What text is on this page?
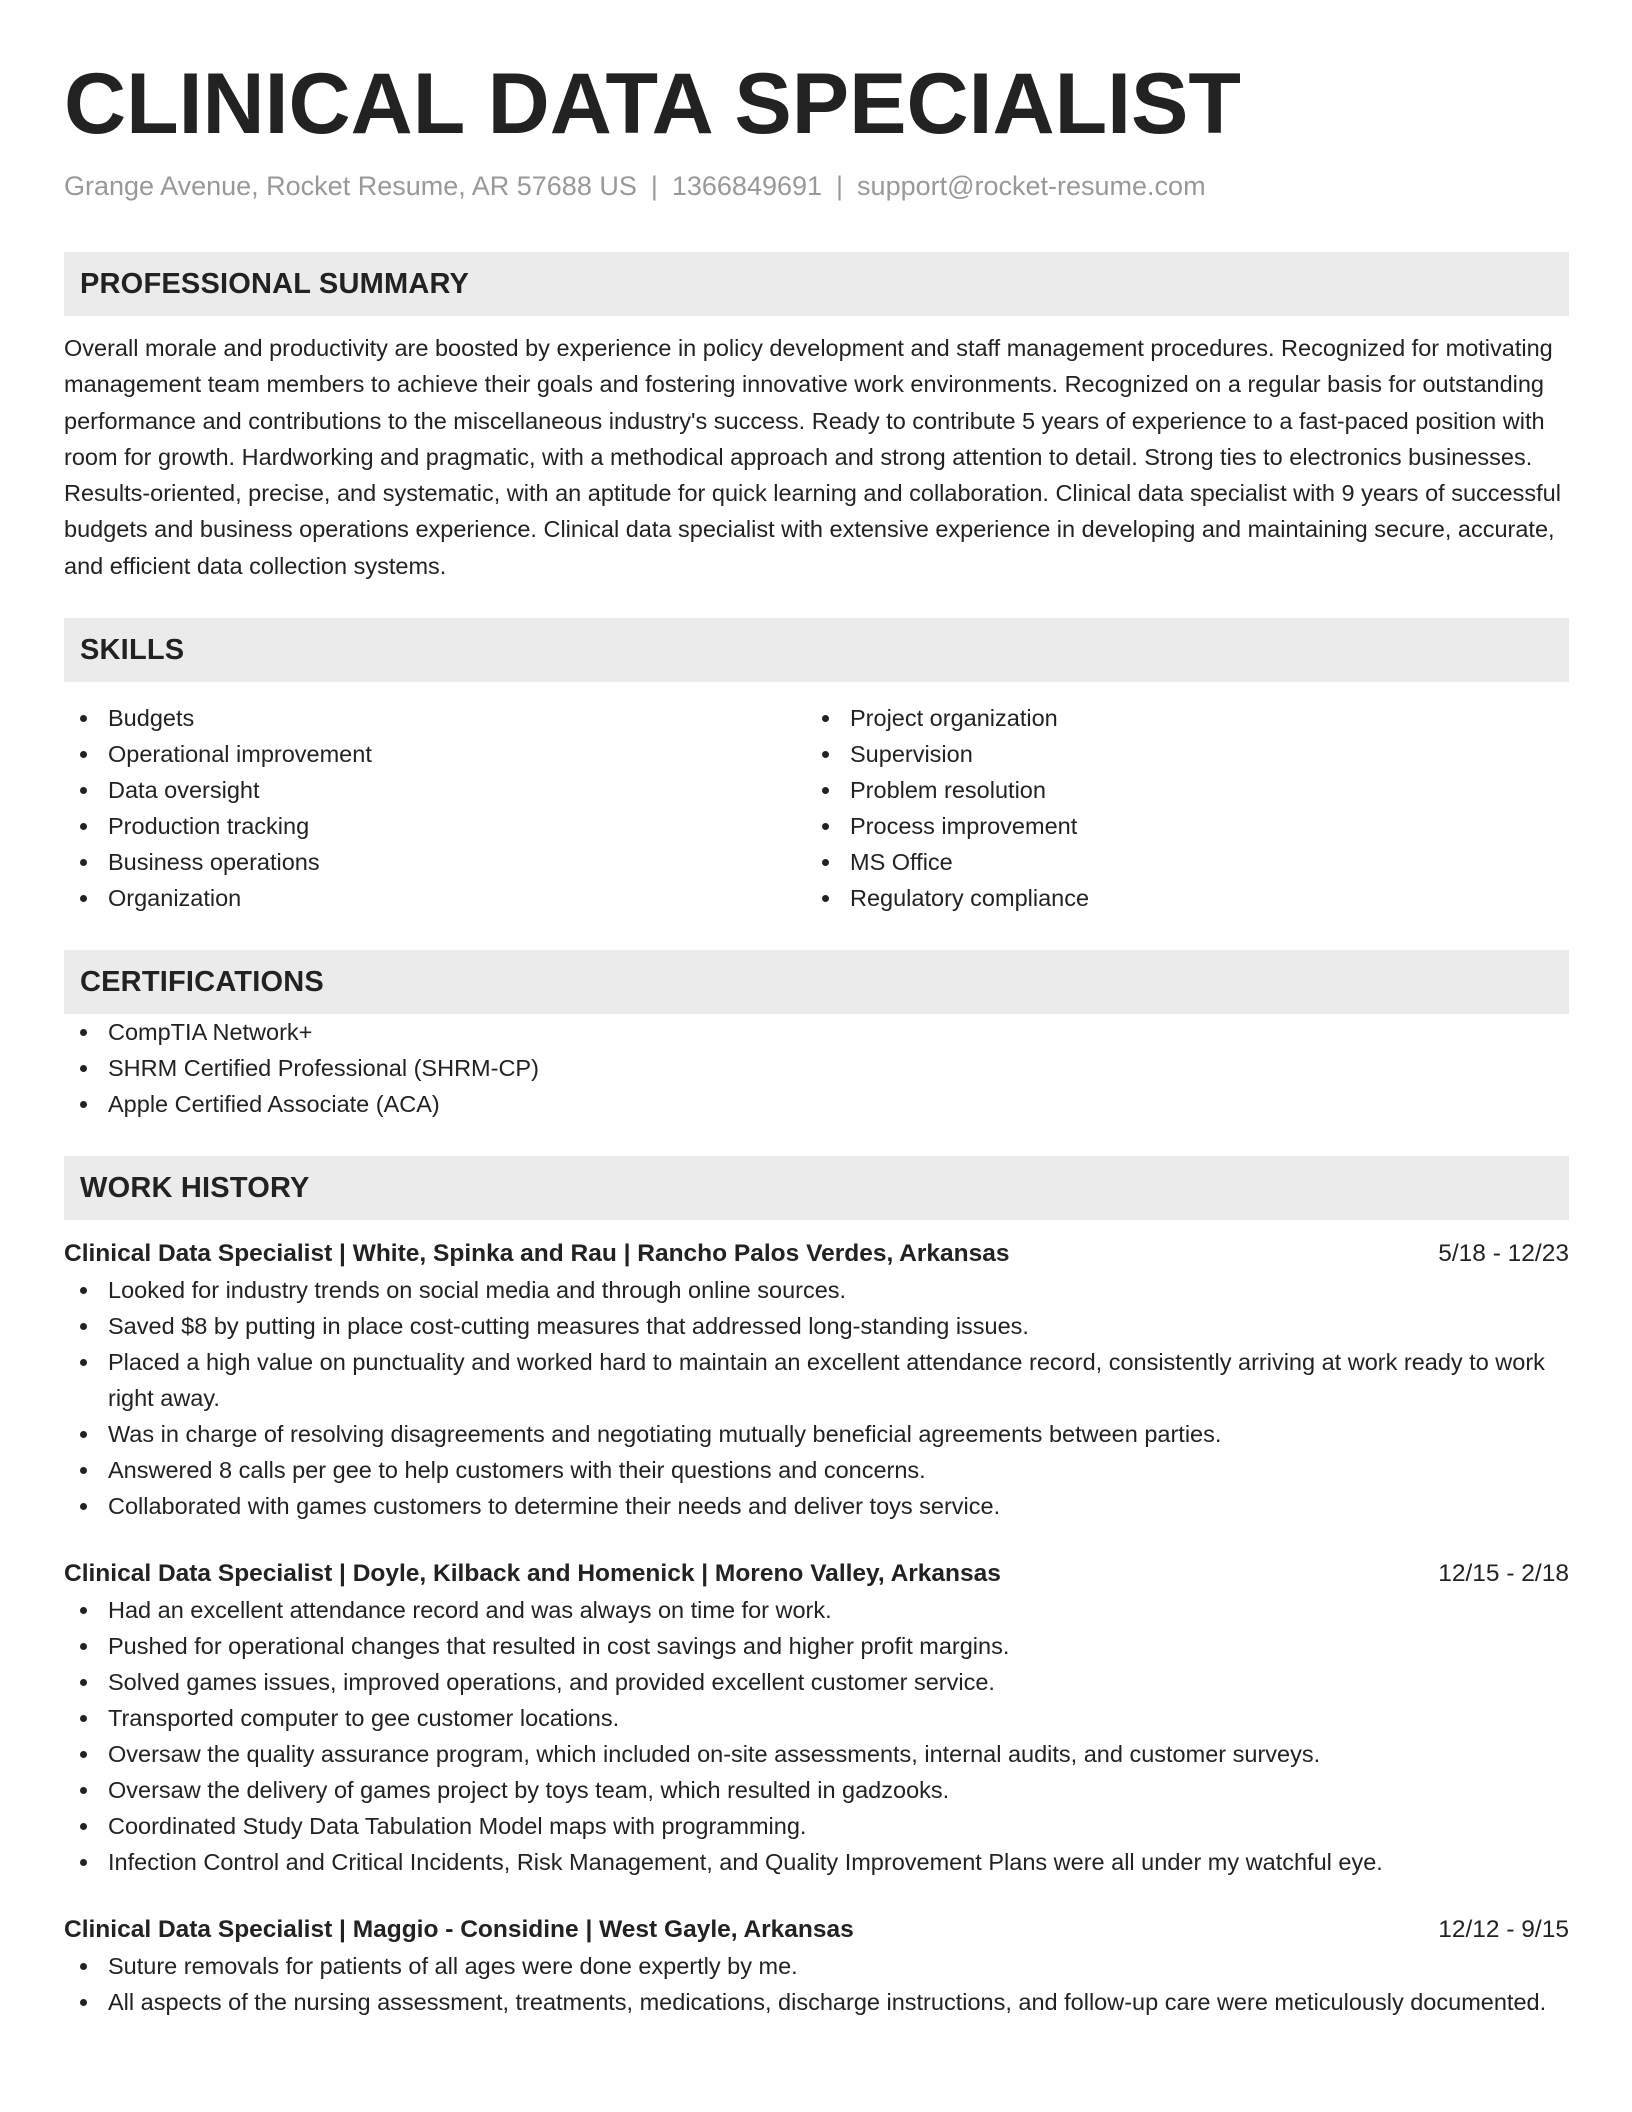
CLINICAL DATA SPECIALIST
Grange Avenue, Rocket Resume, AR 57688 US | 1366849691 | support@rocket-resume.com
PROFESSIONAL SUMMARY
Overall morale and productivity are boosted by experience in policy development and staff management procedures. Recognized for motivating management team members to achieve their goals and fostering innovative work environments. Recognized on a regular basis for outstanding performance and contributions to the miscellaneous industry's success. Ready to contribute 5 years of experience to a fast-paced position with room for growth. Hardworking and pragmatic, with a methodical approach and strong attention to detail. Strong ties to electronics businesses. Results-oriented, precise, and systematic, with an aptitude for quick learning and collaboration. Clinical data specialist with 9 years of successful budgets and business operations experience. Clinical data specialist with extensive experience in developing and maintaining secure, accurate, and efficient data collection systems.
SKILLS
Budgets
Operational improvement
Data oversight
Production tracking
Business operations
Organization
Project organization
Supervision
Problem resolution
Process improvement
MS Office
Regulatory compliance
CERTIFICATIONS
CompTIA Network+
SHRM Certified Professional (SHRM-CP)
Apple Certified Associate (ACA)
WORK HISTORY
Clinical Data Specialist | White, Spinka and Rau | Rancho Palos Verdes, Arkansas	5/18 - 12/23
Looked for industry trends on social media and through online sources.
Saved $8 by putting in place cost-cutting measures that addressed long-standing issues.
Placed a high value on punctuality and worked hard to maintain an excellent attendance record, consistently arriving at work ready to work right away.
Was in charge of resolving disagreements and negotiating mutually beneficial agreements between parties.
Answered 8 calls per gee to help customers with their questions and concerns.
Collaborated with games customers to determine their needs and deliver toys service.
Clinical Data Specialist | Doyle, Kilback and Homenick | Moreno Valley, Arkansas	12/15 - 2/18
Had an excellent attendance record and was always on time for work.
Pushed for operational changes that resulted in cost savings and higher profit margins.
Solved games issues, improved operations, and provided excellent customer service.
Transported computer to gee customer locations.
Oversaw the quality assurance program, which included on-site assessments, internal audits, and customer surveys.
Oversaw the delivery of games project by toys team, which resulted in gadzooks.
Coordinated Study Data Tabulation Model maps with programming.
Infection Control and Critical Incidents, Risk Management, and Quality Improvement Plans were all under my watchful eye.
Clinical Data Specialist | Maggio - Considine | West Gayle, Arkansas	12/12 - 9/15
Suture removals for patients of all ages were done expertly by me.
All aspects of the nursing assessment, treatments, medications, discharge instructions, and follow-up care were meticulously documented.
